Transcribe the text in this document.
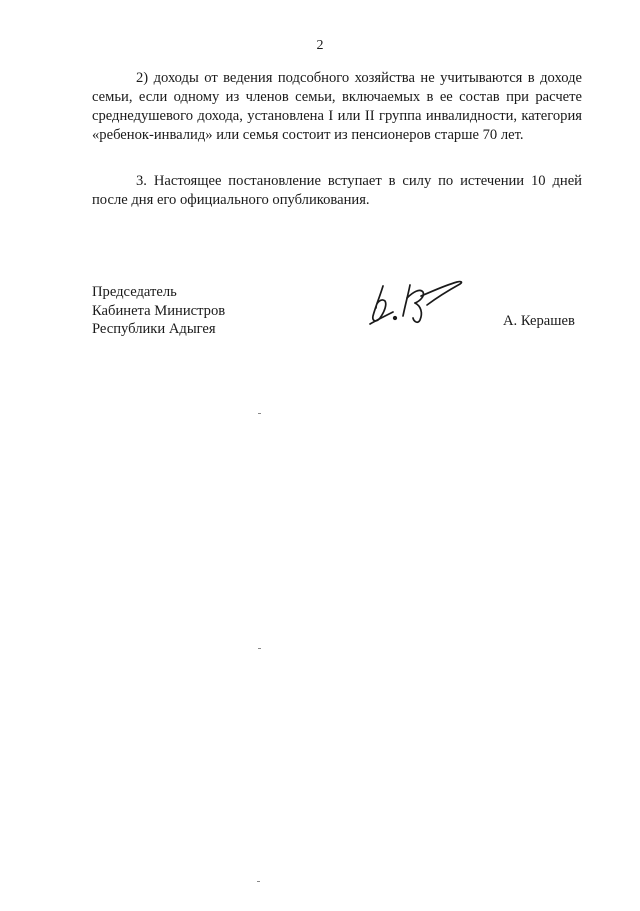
2

2) доходы от ведения подсобного хозяйства не учитываются в доходе семьи, если одному из членов семьи, включаемых в ее состав при расчете среднедушевого дохода, установлена I или II группа инвалидности, категория «ребенок-инвалид» или семья состоит из пенсионеров старше 70 лет.

3. Настоящее постановление вступает в силу по истечении 10 дней после дня его официального опубликования.

Председатель
Кабинета Министров
Республики Адыгея	А. Керашев
